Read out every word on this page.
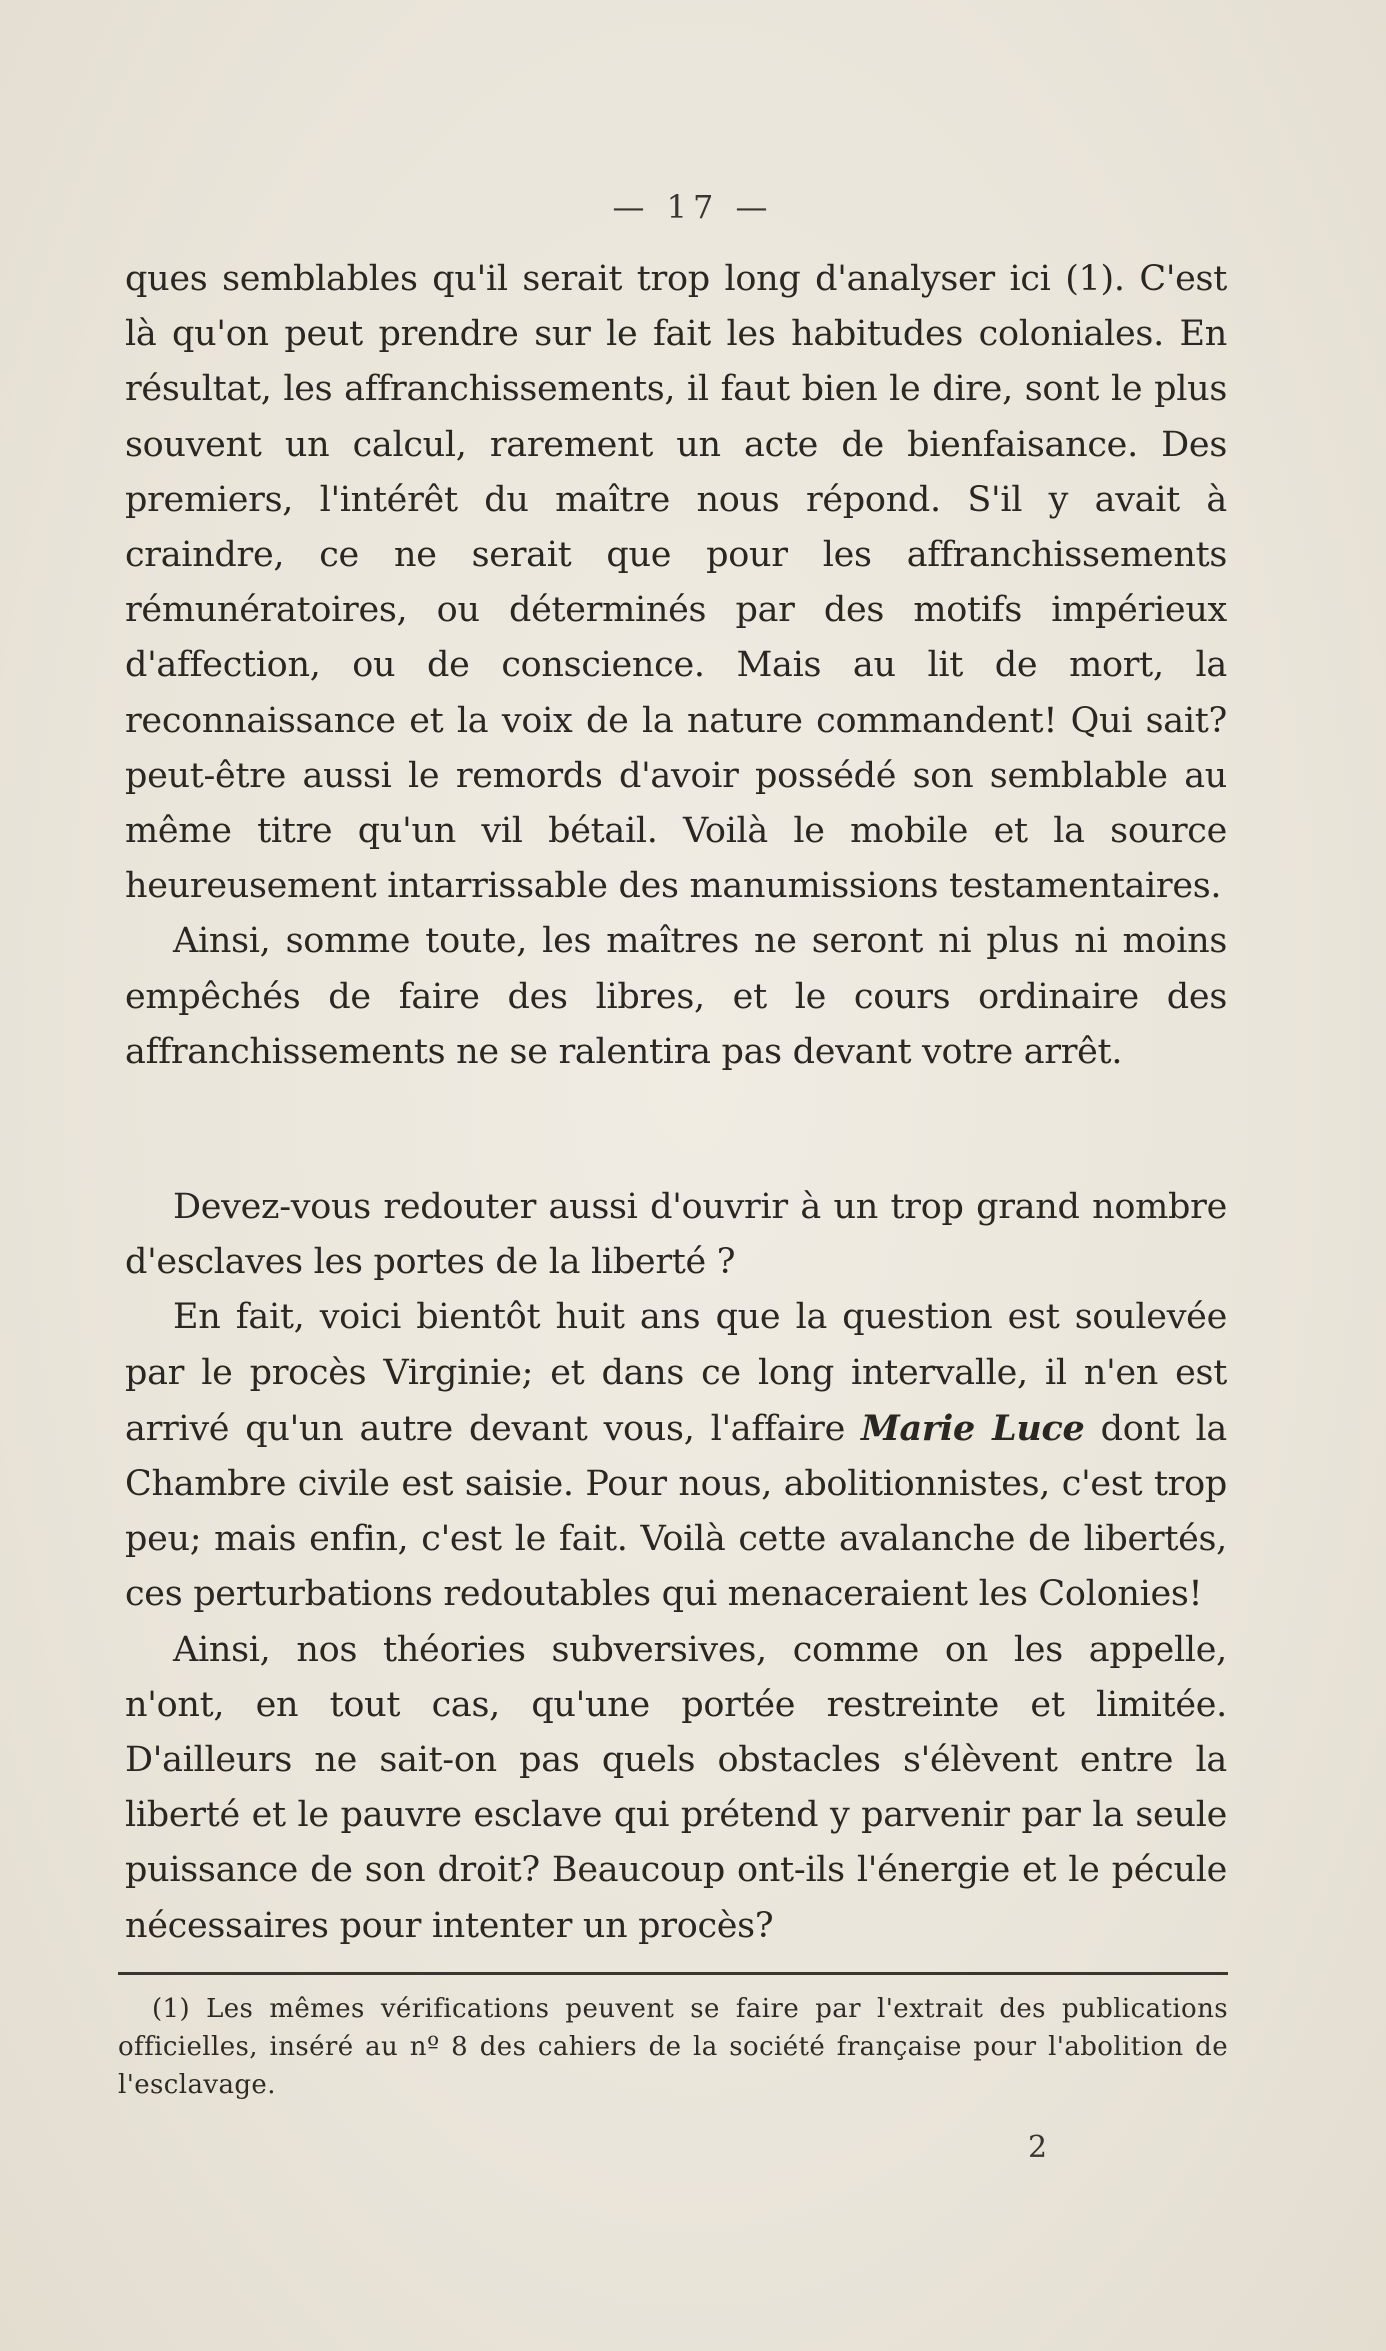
— 17 —

ques semblables qu'il serait trop long d'analyser ici (1). C'est là qu'on peut prendre sur le fait les habitudes coloniales. En résultat, les affranchissements, il faut bien le dire, sont le plus souvent un calcul, rarement un acte de bienfaisance. Des premiers, l'intérêt du maître nous répond. S'il y avait à craindre, ce ne serait que pour les affranchissements rémunératoires, ou déterminés par des motifs impérieux d'affection, ou de conscience. Mais au lit de mort, la reconnaissance et la voix de la nature commandent! Qui sait? peut-être aussi le remords d'avoir possédé son semblable au même titre qu'un vil bétail. Voilà le mobile et la source heureusement intarrissable des manumissions testamentaires.

Ainsi, somme toute, les maîtres ne seront ni plus ni moins empêchés de faire des libres, et le cours ordinaire des affranchissements ne se ralentira pas devant votre arrêt.

Devez-vous redouter aussi d'ouvrir à un trop grand nombre d'esclaves les portes de la liberté ?

En fait, voici bientôt huit ans que la question est soulevée par le procès Virginie; et dans ce long intervalle, il n'en est arrivé qu'un autre devant vous, l'affaire Marie Luce dont la Chambre civile est saisie. Pour nous, abolitionnistes, c'est trop peu; mais enfin, c'est le fait. Voilà cette avalanche de libertés, ces perturbations redoutables qui menaceraient les Colonies!

Ainsi, nos théories subversives, comme on les appelle, n'ont, en tout cas, qu'une portée restreinte et limitée. D'ailleurs ne sait-on pas quels obstacles s'élèvent entre la liberté et le pauvre esclave qui prétend y parvenir par la seule puissance de son droit? Beaucoup ont-ils l'énergie et le pécule nécessaires pour intenter un procès?

(1) Les mêmes vérifications peuvent se faire par l'extrait des publications officielles, inséré au nº 8 des cahiers de la société française pour l'abolition de l'esclavage.
2
